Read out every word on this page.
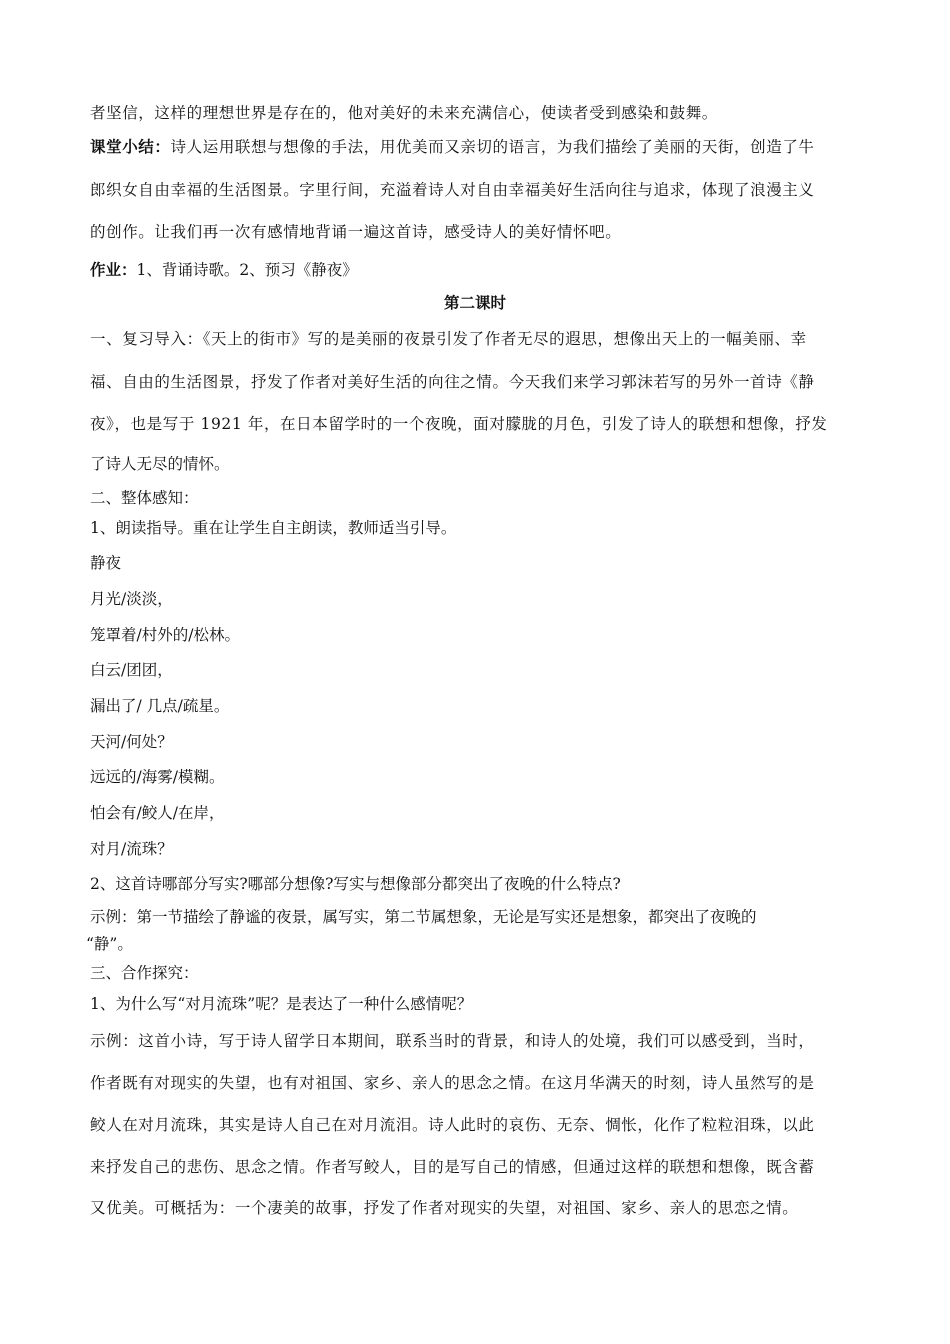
者坚信，这样的理想世界是存在的，他对美好的未来充满信心，使读者受到感染和鼓舞。
课堂小结：诗人运用联想与想像的手法，用优美而又亲切的语言，为我们描绘了美丽的天街，创造了牛
郎织女自由幸福的生活图景。字里行间，充溢着诗人对自由幸福美好生活向往与追求，体现了浪漫主义
的创作。让我们再一次有感情地背诵一遍这首诗，感受诗人的美好情怀吧。
作业：1、背诵诗歌。2、预习《静夜》
第二课时
一、复习导入：《天上的街市》写的是美丽的夜景引发了作者无尽的遐思，想像出天上的一幅美丽、幸
福、自由的生活图景，抒发了作者对美好生活的向往之情。今天我们来学习郭沫若写的另外一首诗《静
夜》，也是写于 1921 年，在日本留学时的一个夜晚，面对朦胧的月色，引发了诗人的联想和想像，抒发
了诗人无尽的情怀。
二、整体感知：
1、朗读指导。重在让学生自主朗读，教师适当引导。
静夜
月光/淡淡，
笼罩着/村外的/松林。
白云/团团，
漏出了/ 几点/疏星。
天河/何处？
远远的/海雾/模糊。
怕会有/鲛人/在岸，
对月/流珠？
2、这首诗哪部分写实?哪部分想像?写实与想像部分都突出了夜晚的什么特点?
示例：第一节描绘了静谧的夜景，属写实，第二节属想象，无论是写实还是想象，都突出了夜晚的
“静”。
三、合作探究：
1、为什么写“对月流珠”呢？是表达了一种什么感情呢？
示例：这首小诗，写于诗人留学日本期间，联系当时的背景，和诗人的处境，我们可以感受到，当时，
作者既有对现实的失望，也有对祖国、家乡、亲人的思念之情。在这月华满天的时刻，诗人虽然写的是
鲛人在对月流珠，其实是诗人自己在对月流泪。诗人此时的哀伤、无奈、惆怅，化作了粒粒泪珠，以此
来抒发自己的悲伤、思念之情。作者写鲛人，目的是写自己的情感，但通过这样的联想和想像，既含蓄
又优美。可概括为：一个凄美的故事，抒发了作者对现实的失望，对祖国、家乡、亲人的思恋之情。
